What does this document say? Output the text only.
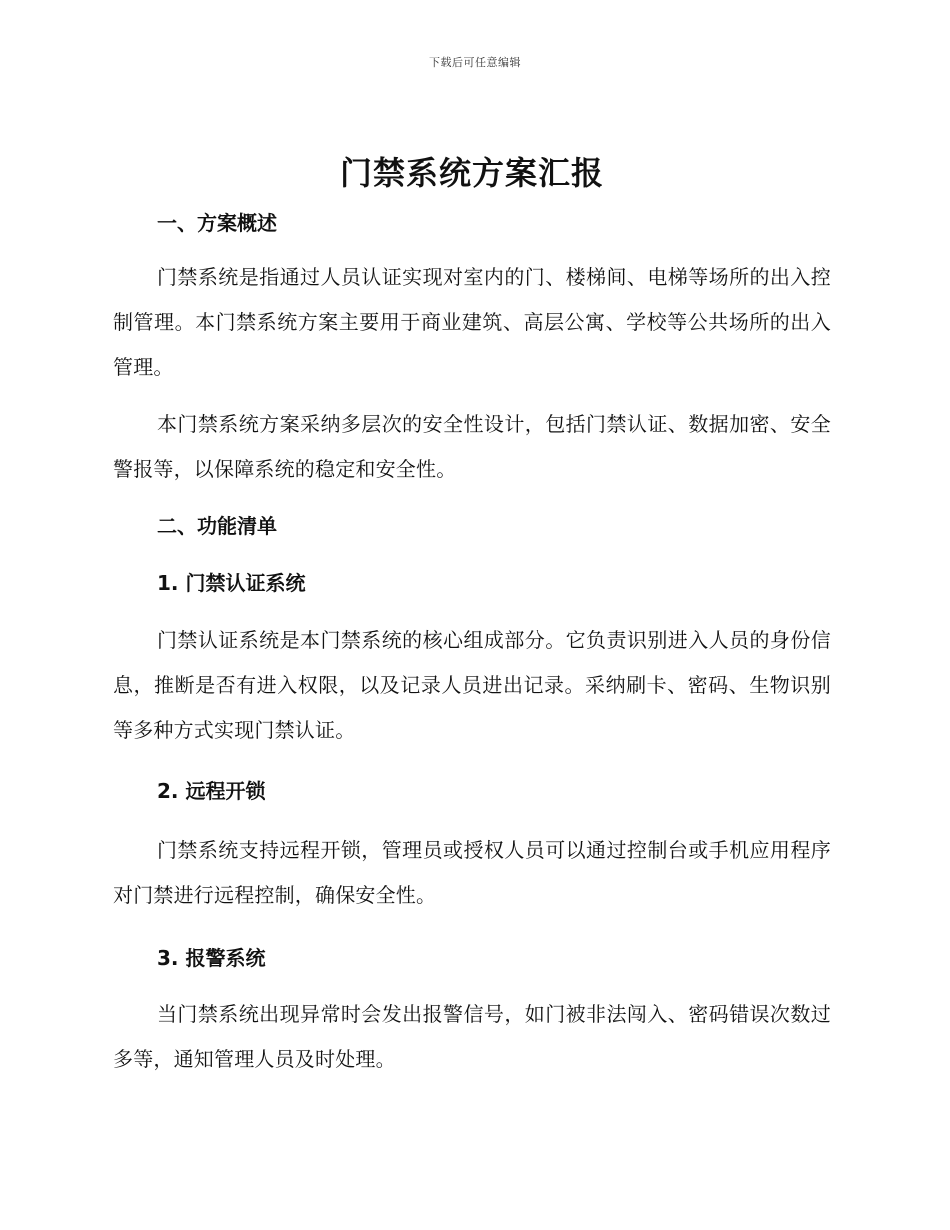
下载后可任意编辑
门禁系统方案汇报
一、方案概述

门禁系统是指通过人员认证实现对室内的门、楼梯间、电梯等场所的出入控制管理。本门禁系统方案主要用于商业建筑、高层公寓、学校等公共场所的出入管理。

本门禁系统方案采纳多层次的安全性设计，包括门禁认证、数据加密、安全警报等，以保障系统的稳定和安全性。

二、功能清单
1. 门禁认证系统

门禁认证系统是本门禁系统的核心组成部分。它负责识别进入人员的身份信息，推断是否有进入权限，以及记录人员进出记录。采纳刷卡、密码、生物识别等多种方式实现门禁认证。

2. 远程开锁

门禁系统支持远程开锁，管理员或授权人员可以通过控制台或手机应用程序对门禁进行远程控制，确保安全性。

3. 报警系统

当门禁系统出现异常时会发出报警信号，如门被非法闯入、密码错误次数过多等，通知管理人员及时处理。
